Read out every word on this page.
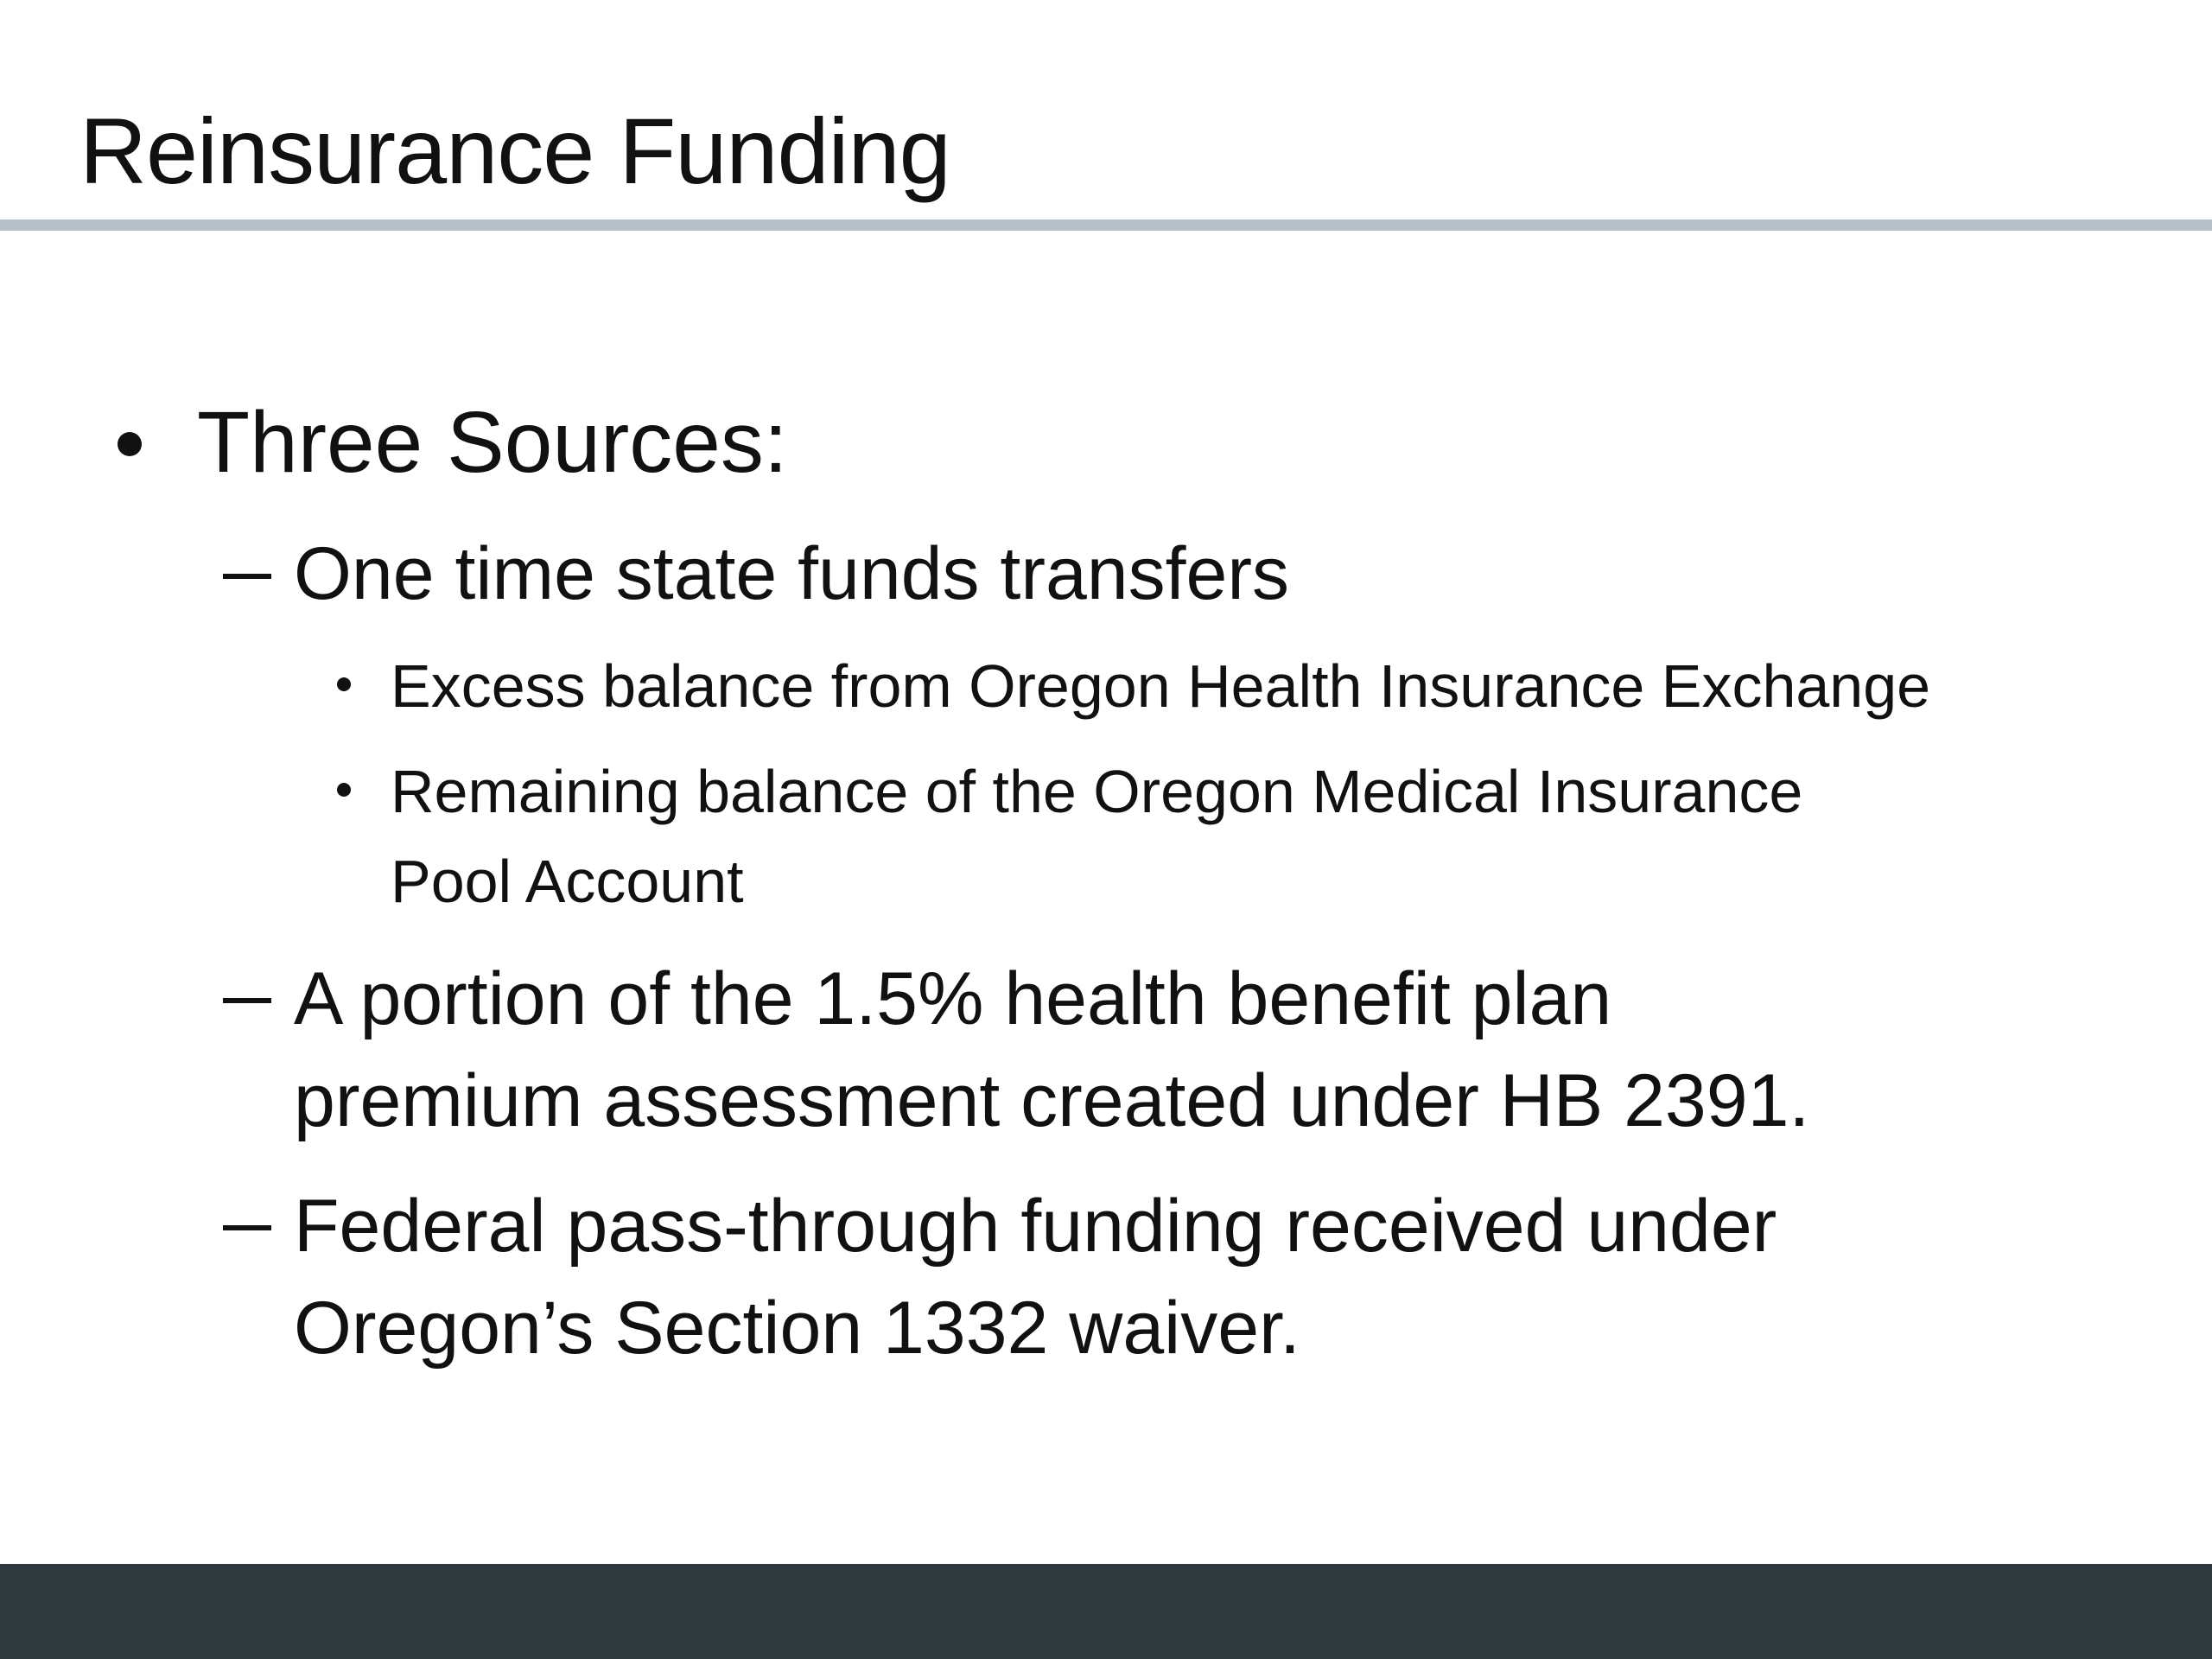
Reinsurance Funding
Three Sources:
One time state funds transfers
Excess balance from Oregon Health Insurance Exchange
Remaining balance of the Oregon Medical Insurance
Pool Account
A portion of the 1.5% health benefit plan
premium assessment created under HB 2391.
Federal pass-through funding received under
Oregon’s Section 1332 waiver.
